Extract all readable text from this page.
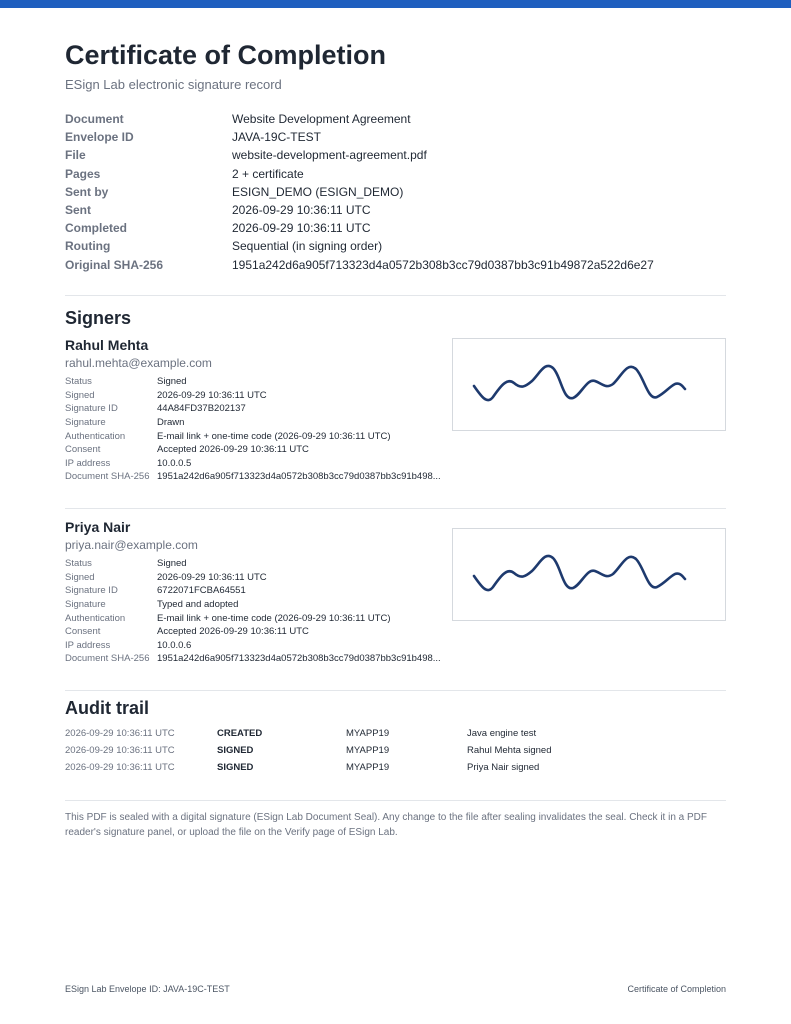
Certificate of Completion
ESign Lab electronic signature record
Document	Website Development Agreement
Envelope ID	JAVA-19C-TEST
File	website-development-agreement.pdf
Pages	2 + certificate
Sent by	ESIGN_DEMO (ESIGN_DEMO)
Sent	2026-09-29 10:36:11 UTC
Completed	2026-09-29 10:36:11 UTC
Routing	Sequential (in signing order)
Original SHA-256	1951a242d6a905f713323d4a0572b308b3cc79d0387bb3c91b49872a522d6e27
Signers
Rahul Mehta
rahul.mehta@example.com
Status	Signed
Signed	2026-09-29 10:36:11 UTC
Signature ID	44A84FD37B202137
Signature	Drawn
Authentication	E-mail link + one-time code (2026-09-29 10:36:11 UTC)
Consent	Accepted 2026-09-29 10:36:11 UTC
IP address	10.0.0.5
Document SHA-256 1951a242d6a905f713323d4a0572b308b3cc79d0387bb3c91b498...
Priya Nair
priya.nair@example.com
Status	Signed
Signed	2026-09-29 10:36:11 UTC
Signature ID	6722071FCBA64551
Signature	Typed and adopted
Authentication	E-mail link + one-time code (2026-09-29 10:36:11 UTC)
Consent	Accepted 2026-09-29 10:36:11 UTC
IP address	10.0.0.6
Document SHA-256 1951a242d6a905f713323d4a0572b308b3cc79d0387bb3c91b498...
Audit trail
2026-09-29 10:36:11 UTC	CREATED	MYAPP19	Java engine test
2026-09-29 10:36:11 UTC	SIGNED	MYAPP19	Rahul Mehta signed
2026-09-29 10:36:11 UTC	SIGNED	MYAPP19	Priya Nair signed

This PDF is sealed with a digital signature (ESign Lab Document Seal). Any change to the file after sealing invalidates the seal. Check it in a PDF reader's signature panel, or upload the file on the Verify page of ESign Lab.

ESign Lab Envelope ID: JAVA-19C-TEST	Certificate of Completion
